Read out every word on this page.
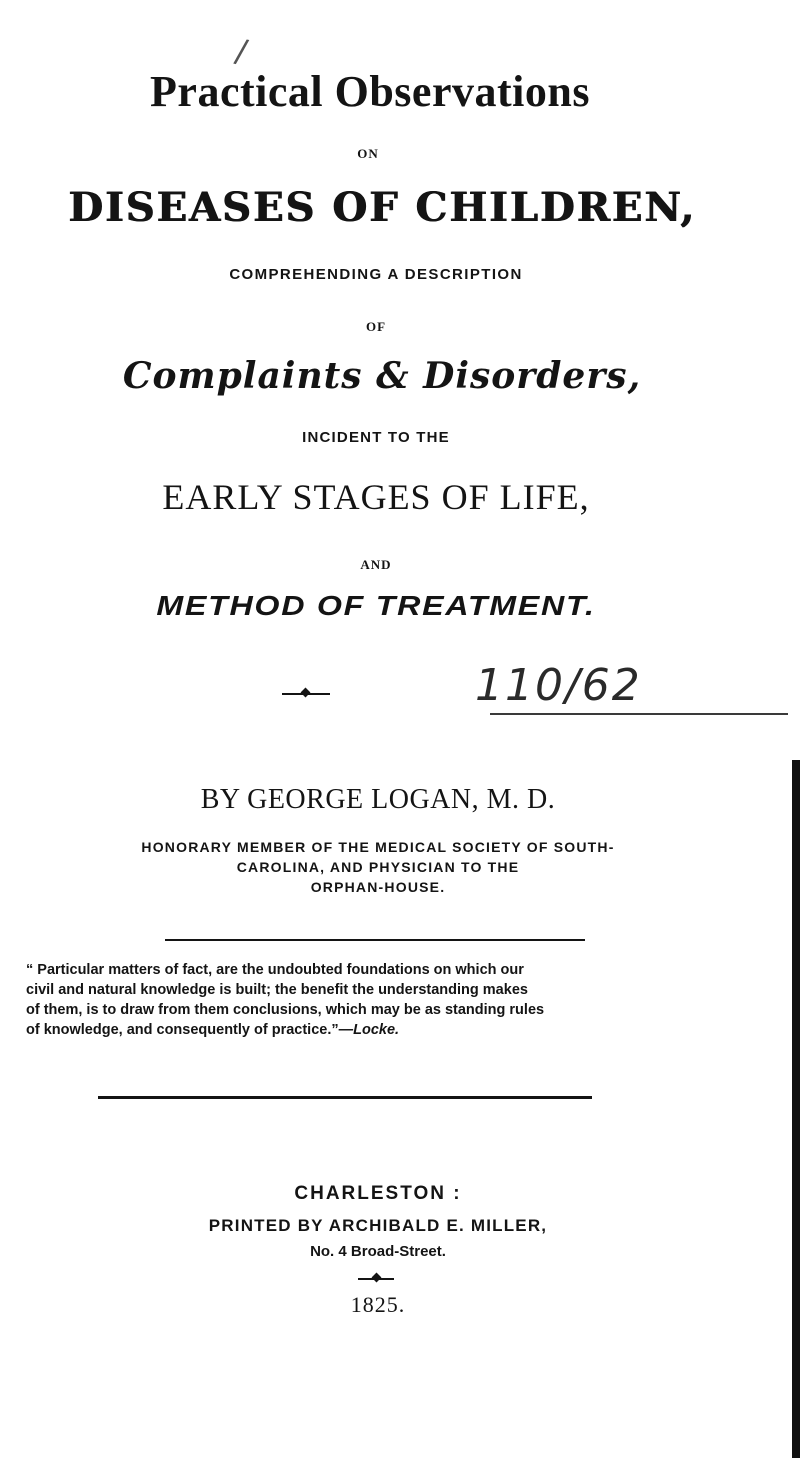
/
Practical Observations
ON
DISEASES OF CHILDREN,
COMPREHENDING A DESCRIPTION
OF
Complaints & Disorders,
INCIDENT TO THE
EARLY STAGES OF LIFE,
AND
METHOD OF TREATMENT.
110/62
BY GEORGE LOGAN, M. D.
HONORARY MEMBER OF THE MEDICAL SOCIETY OF SOUTH-
CAROLINA, AND PHYSICIAN TO THE
ORPHAN-HOUSE.
“ Particular matters of fact, are the undoubted foundations on which our
civil and natural knowledge is built; the benefit the understanding makes
of them, is to draw from them conclusions, which may be as standing rules
of knowledge, and consequently of practice.”—Locke.
CHARLESTON :
PRINTED BY ARCHIBALD E. MILLER,
No. 4 Broad-Street.
1825.
